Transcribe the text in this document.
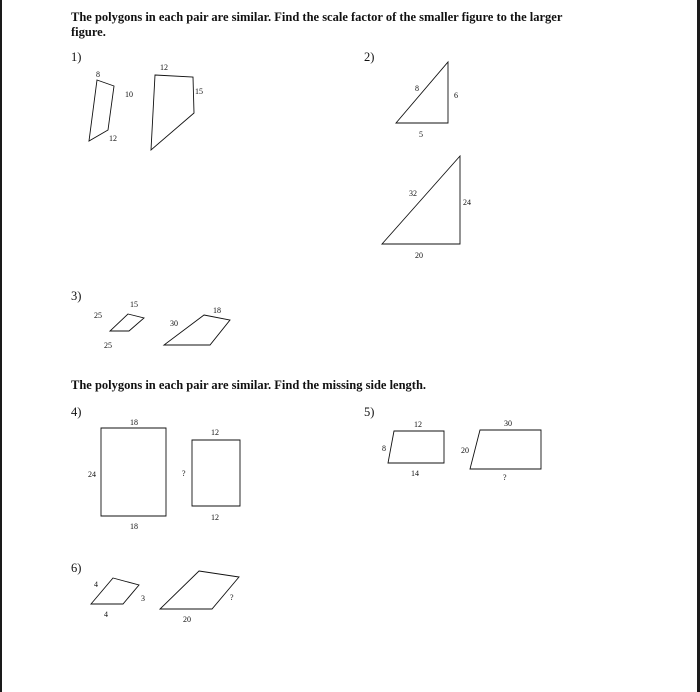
The polygons in each pair are similar. Find the scale factor of the smaller figure to the larger
figure.
The polygons in each pair are similar. Find the missing side length.
1)	2)
3)
4)	5)
6)
8
10
12
12
15	8
6
5
32
24
20
25
15
25
30
18
18
24
18
12
?
12
12
8
14
30
20
?
4
3
4
?
20
